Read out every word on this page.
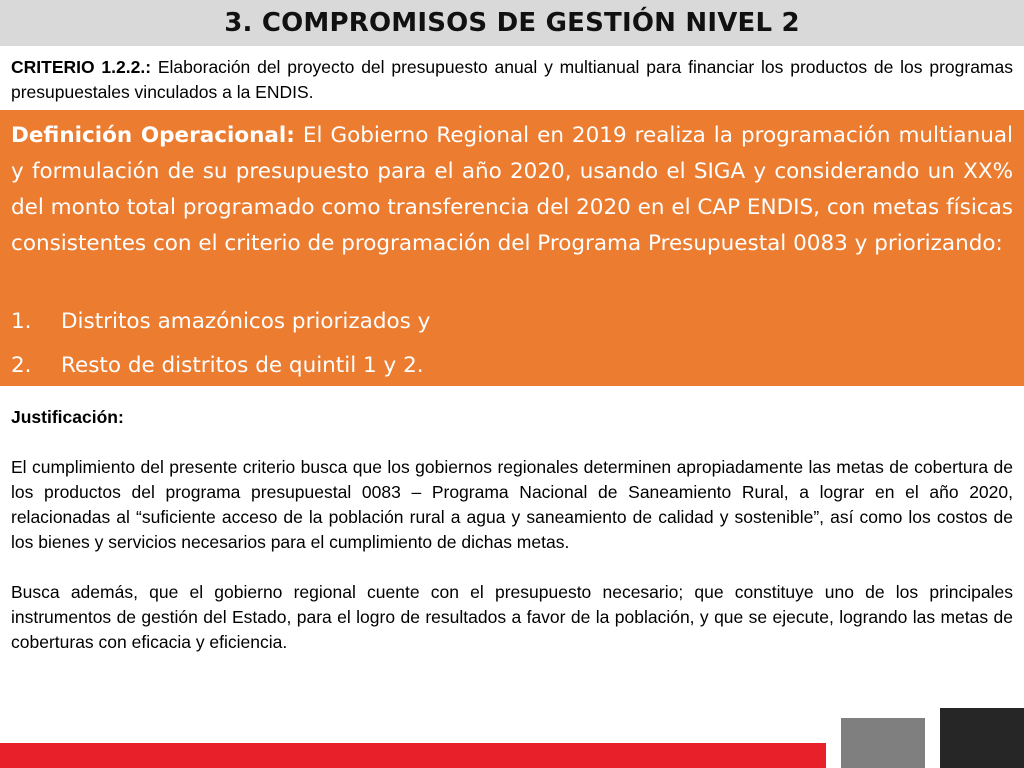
3. COMPROMISOS DE GESTIÓN NIVEL 2
CRITERIO 1.2.2.: Elaboración del proyecto del presupuesto anual y multianual para financiar los productos de los programas presupuestales vinculados a la ENDIS.
Definición Operacional: El Gobierno Regional en 2019 realiza la programación multianual y formulación de su presupuesto para el año 2020, usando el SIGA y considerando un XX% del monto total programado como transferencia del 2020 en el CAP ENDIS, con metas físicas consistentes con el criterio de programación del Programa Presupuestal 0083 y priorizando:
1.	Distritos amazónicos priorizados y
2.	Resto de distritos de quintil 1 y 2.
Justificación:

El cumplimiento del presente criterio busca que los gobiernos regionales determinen apropiadamente las metas de cobertura de los productos del programa presupuestal 0083 – Programa Nacional de Saneamiento Rural, a lograr en el año 2020, relacionadas al “suficiente acceso de la población rural a agua y saneamiento de calidad y sostenible”, así como los costos de los bienes y servicios necesarios para el cumplimiento de dichas metas.

Busca además, que el gobierno regional cuente con el presupuesto necesario; que constituye uno de los principales instrumentos de gestión del Estado, para el logro de resultados a favor de la población, y que se ejecute, logrando las metas de coberturas con eficacia y eficiencia.
